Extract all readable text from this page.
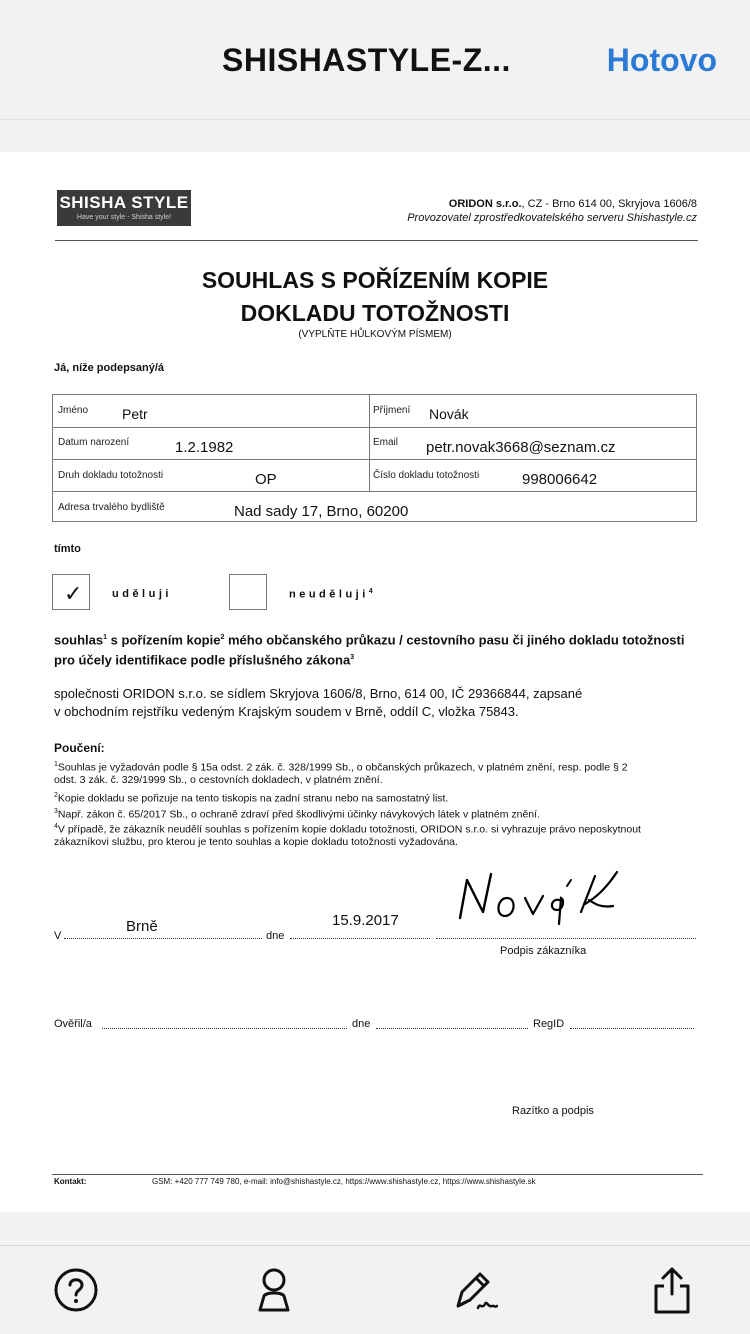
SHISHASTYLE-Z...	Hotovo
SHISHA STYLE
Have your style - Shisha style!
ORIDON s.r.o., CZ - Brno 614 00, Skryjova 1606/8
Provozovatel zprostředkovatelského serveru Shishastyle.cz
SOUHLAS S POŘÍZENÍM KOPIE
DOKLADU TOTOŽNOSTI
(VYPLŇTE HŮLKOVÝM PÍSMEM)
Já, níže podepsaný/á
Jméno Petr	Příjmení Novák
Datum narození	1.2.1982	Email petr.novak3668@seznam.cz
Druh dokladu totožnosti	OP	Číslo dokladu totožnosti	998006642
Adresa trvalého bydliště	Nad sady 17, Brno, 60200
tímto
✓	uděluji	neuděluji$^4$
souhlas$^1$ s pořízením kopie$^2$ mého občanského průkazu / cestovního pasu či jiného dokladu totožnosti
pro účely identifikace podle příslušného zákona$^3$
společnosti ORIDON s.r.o. se sídlem Skryjova 1606/8, Brno, 614 00, IČ 29366844, zapsané
v obchodním rejstříku vedeným Krajským soudem v Brně, oddíl C, vložka 75843.
Poučení:
$^1$Souhlas je vyžadován podle § 15a odst. 2 zák. č. 328/1999 Sb., o občanských průkazech, v platném znění, resp. podle § 2
odst. 3 zák. č. 329/1999 Sb., o cestovních dokladech, v platném znění.
$^2$Kopie dokladu se pořizuje na tento tiskopis na zadní stranu nebo na samostatný list.
$^3$Např. zákon č. 65/2017 Sb., o ochraně zdraví před škodlivými účinky návykových látek v platném znění.
$^4$V případě, že zákazník neudělí souhlas s pořízením kopie dokladu totožnosti, ORIDON s.r.o. si vyhrazuje právo neposkytnout
zákazníkovi službu, pro kterou je tento souhlas a kopie dokladu totožnosti vyžadována.
V
Brně
dne
15.9.2017
Podpis zákazníka
Ověřil/a	dne	RegID
Razítko a podpis
Kontakt:	GSM: +420 777 749 780, e-mail: info@shishastyle.cz, https://www.shishastyle.cz, https://www.shishastyle.sk
